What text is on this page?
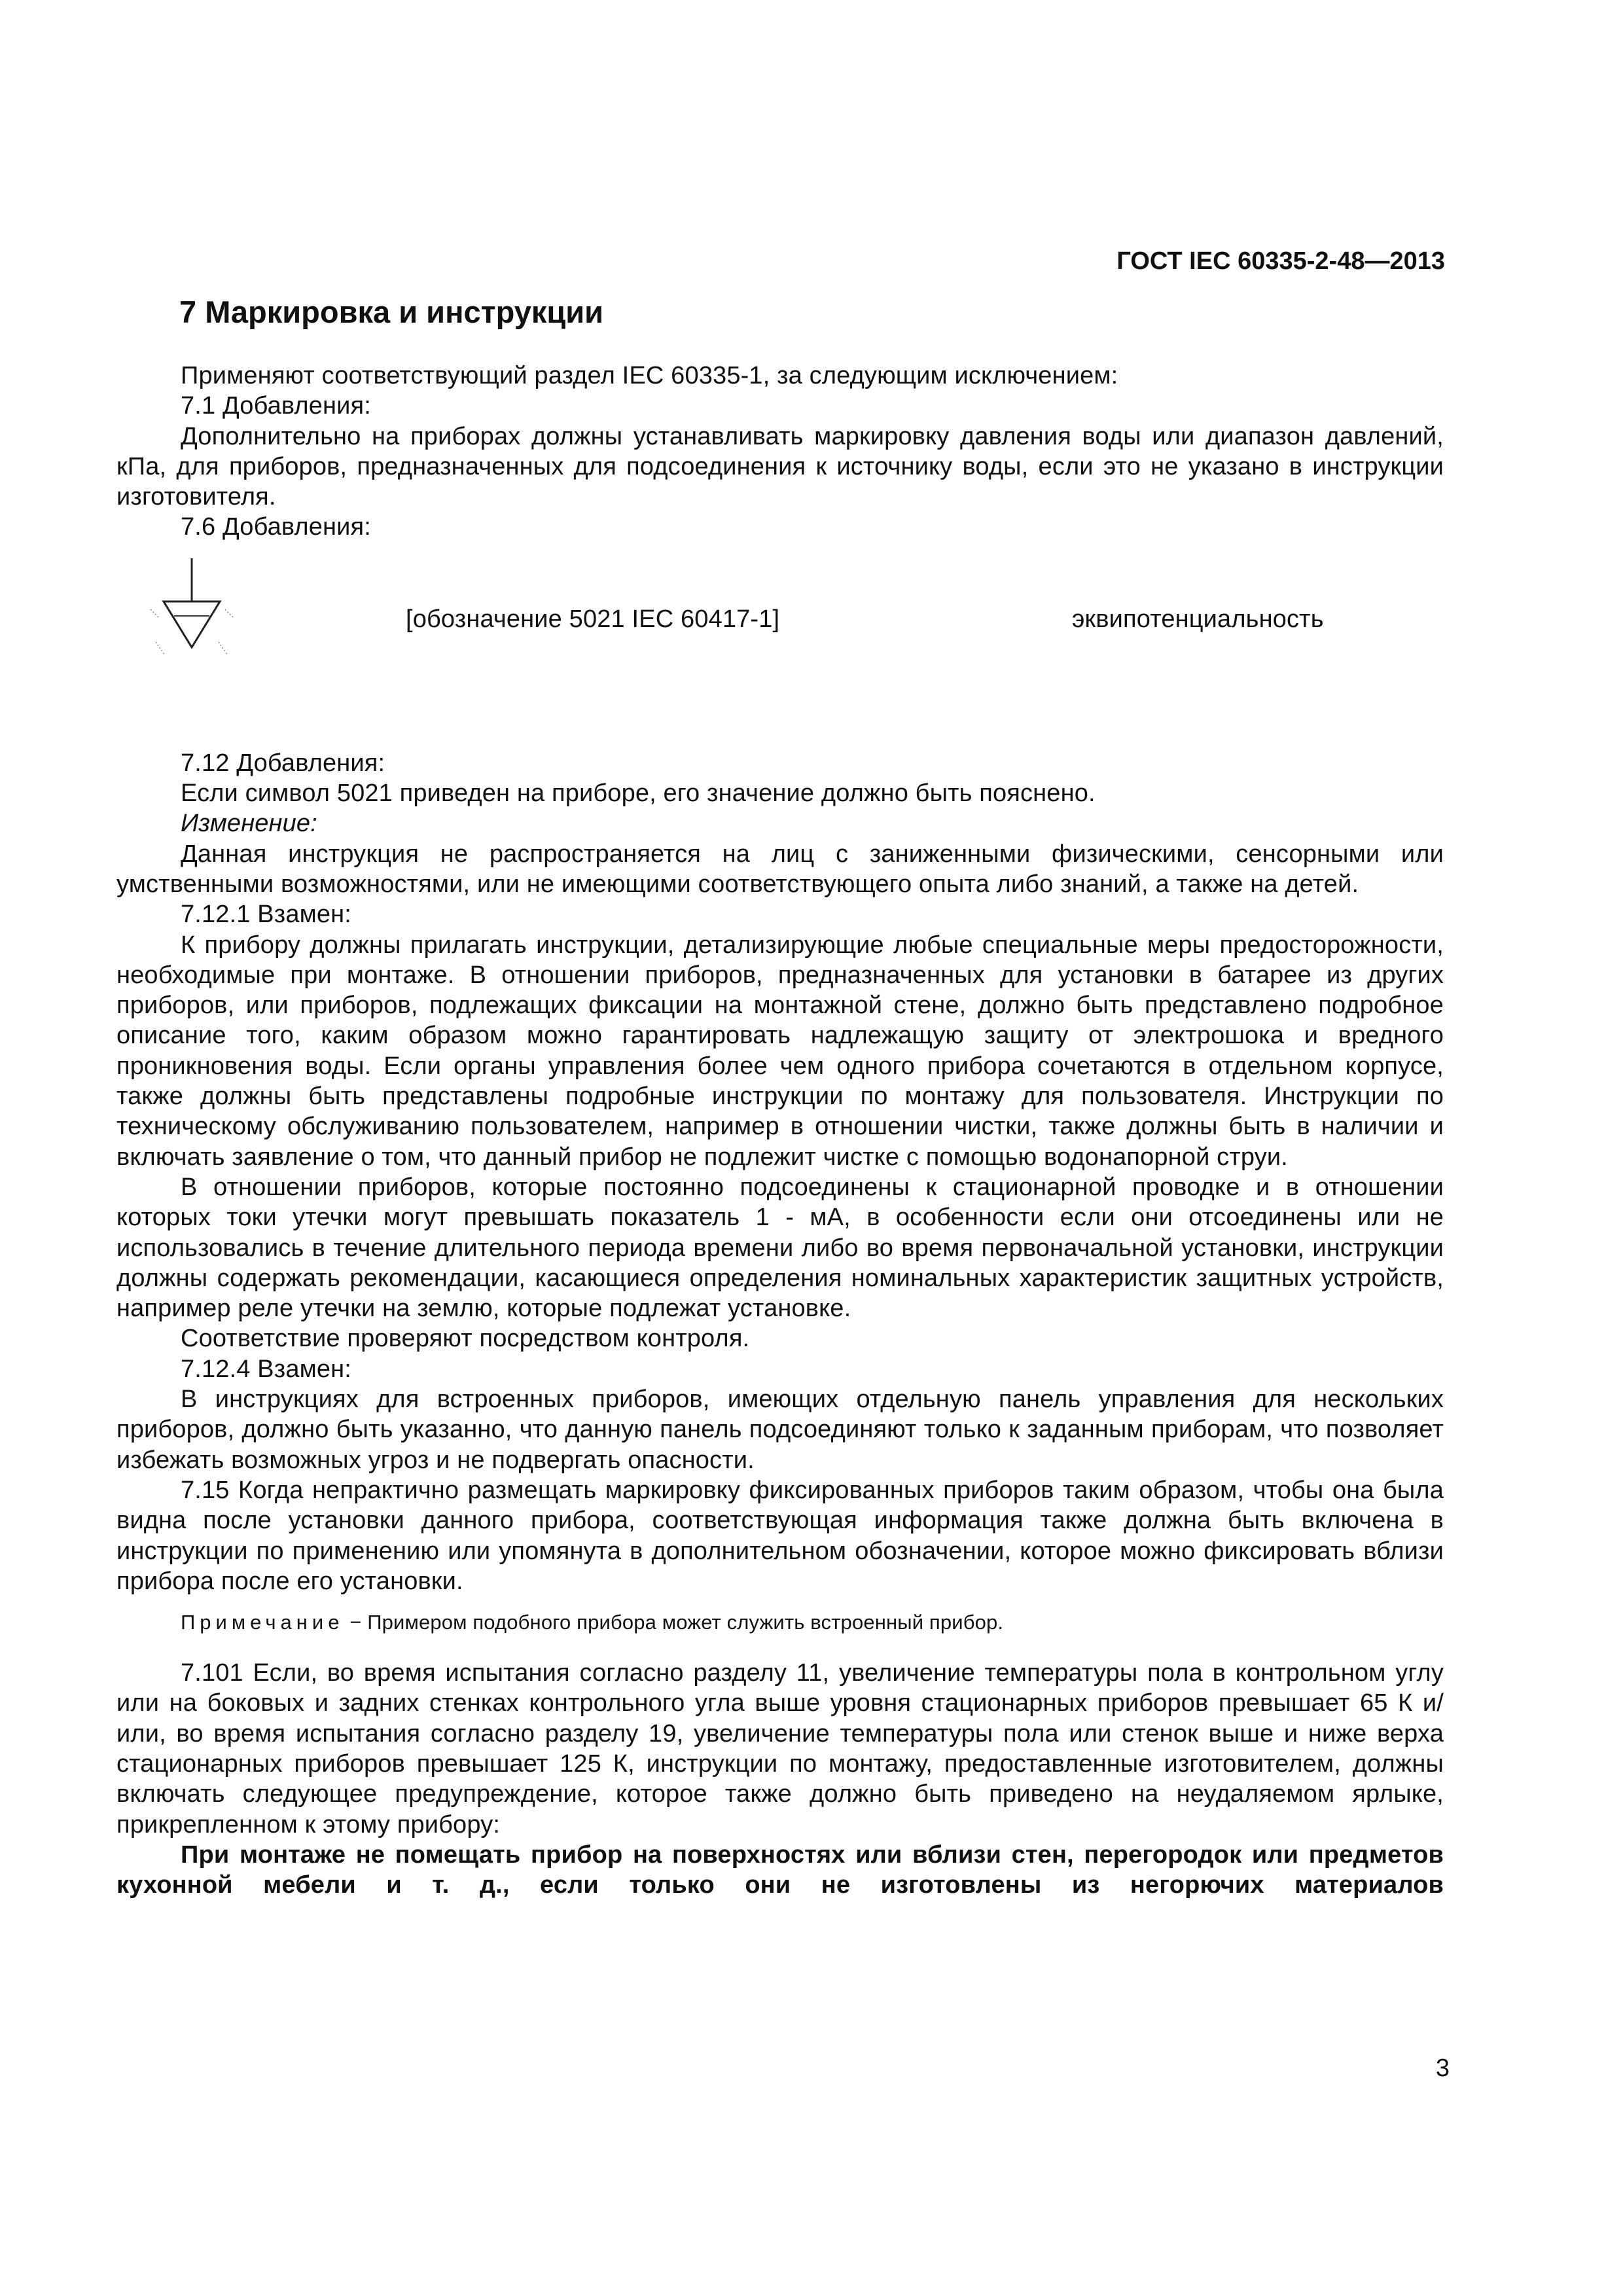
ГОСТ IEC 60335-2-48—2013
7 Маркировка и инструкции

Применяют соответствующий раздел IEC 60335-1, за следующим исключением:

7.1 Добавления:

Дополнительно на приборах должны устанавливать маркировку давления воды или диапазон давлений, кПа, для приборов, предназначенных для подсоединения к источнику воды, если это не указано в инструкции изготовителя.

7.6 Добавления:

[обозначение 5021 IEC 60417-1]	эквипотенциальность

7.12 Добавления:

Если символ 5021 приведен на приборе, его значение должно быть пояснено.

Изменение:

Данная инструкция не распространяется на лиц с заниженными физическими, сенсорными или умственными возможностями, или не имеющими соответствующего опыта либо знаний, а также на детей.

7.12.1 Взамен:

К прибору должны прилагать инструкции, детализирующие любые специальные меры предосторожности, необходимые при монтаже. В отношении приборов, предназначенных для установки в батарее из других приборов, или приборов, подлежащих фиксации на монтажной стене, должно быть представлено подробное описание того, каким образом можно гарантировать надлежащую защиту от электрошока и вредного проникновения воды. Если органы управления более чем одного прибора сочетаются в отдельном корпусе, также должны быть представлены подробные инструкции по монтажу для пользователя. Инструкции по техническому обслуживанию пользователем, например в отношении чистки, также должны быть в наличии и включать заявление о том, что данный прибор не подлежит чистке с помощью водонапорной струи.

В отношении приборов, которые постоянно подсоединены к стационарной проводке и в отношении которых токи утечки могут превышать показатель 1 - мА, в особенности если они отсоединены или не использовались в течение длительного периода времени либо во время первоначальной установки, инструкции должны содержать рекомендации, касающиеся определения номинальных характеристик защитных устройств, например реле утечки на землю, которые подлежат установке.

Соответствие проверяют посредством контроля.

7.12.4 Взамен:

В инструкциях для встроенных приборов, имеющих отдельную панель управления для нескольких приборов, должно быть указанно, что данную панель подсоединяют только к заданным приборам, что позволяет избежать возможных угроз и не подвергать опасности.

7.15 Когда непрактично размещать маркировку фиксированных приборов таким образом, чтобы она была видна после установки данного прибора, соответствующая информация также должна быть включена в инструкции по применению или упомянута в дополнительном обозначении, которое можно фиксировать вблизи прибора после его установки.

Примечание − Примером подобного прибора может служить встроенный прибор.

7.101 Если, во время испытания согласно разделу 11, увеличение температуры пола в контрольном углу или на боковых и задних стенках контрольного угла выше уровня стационарных приборов превышает 65 К и/или, во время испытания согласно разделу 19, увеличение температуры пола или стенок выше и ниже верха стационарных приборов превышает 125 К, инструкции по монтажу, предоставленные изготовителем, должны включать следующее предупреждение, которое также должно быть приведено на неудаляемом ярлыке, прикрепленном к этому прибору:

При монтаже не помещать прибор на поверхностях или вблизи стен, перегородок или предметов кухонной мебели и т. д., если только они не изготовлены из негорючих материалов

3
